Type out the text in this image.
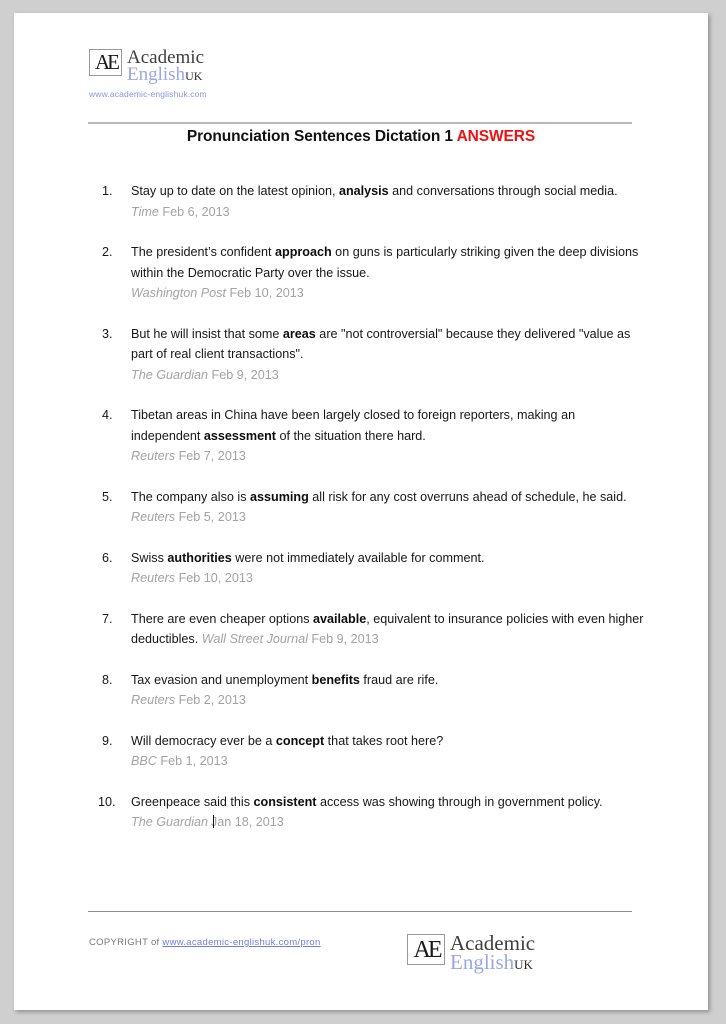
AE Academic
EnglishUK
www.academic-englishuk.com
Pronunciation Sentences Dictation 1 ANSWERS
1.	Stay up to date on the latest opinion, analysis and conversations through social media.
Time Feb 6, 2013
2.	The president’s confident approach on guns is particularly striking given the deep divisions within the Democratic Party over the issue.
Washington Post Feb 10, 2013
3.	But he will insist that some areas are "not controversial" because they delivered "value as part of real client transactions".
The Guardian Feb 9, 2013
4.	Tibetan areas in China have been largely closed to foreign reporters, making an independent assessment of the situation there hard.
Reuters Feb 7, 2013
5.	The company also is assuming all risk for any cost overruns ahead of schedule, he said.
Reuters Feb 5, 2013
6.	Swiss authorities were not immediately available for comment.
Reuters Feb 10, 2013
7.	There are even cheaper options available, equivalent to insurance policies with even higher deductibles. Wall Street Journal Feb 9, 2013
8.	Tax evasion and unemployment benefits fraud are rife.
Reuters Feb 2, 2013
9.	Will democracy ever be a concept that takes root here?
BBC Feb 1, 2013
10.	Greenpeace said this consistent access was showing through in government policy.
The Guardian Jan 18, 2013
COPYRIGHT of www.academic-englishuk.com/pron	AE Academic
EnglishUK
